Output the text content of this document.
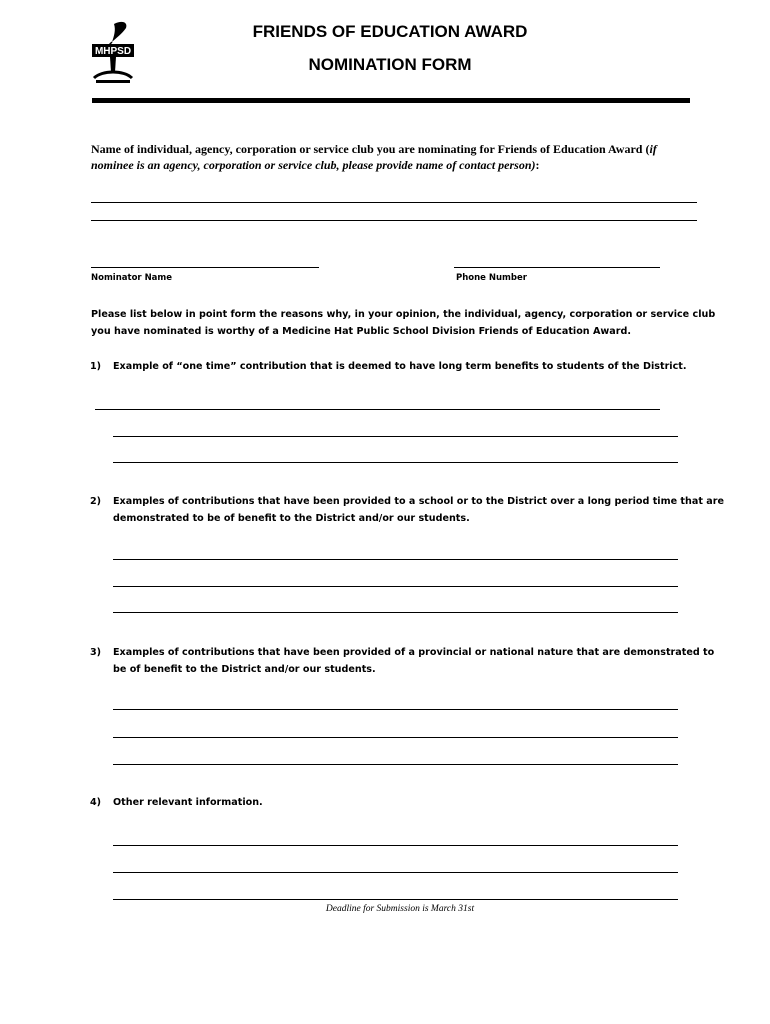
MHPSD
FRIENDS OF EDUCATION AWARD
NOMINATION FORM
Name of individual, agency, corporation or service club you are nominating for Friends of Education Award (if nominee is an agency, corporation or service club, please provide name of contact person):
Nominator Name	Phone Number
Please list below in point form the reasons why, in your opinion, the individual, agency, corporation or service club you have nominated is worthy of a Medicine Hat Public School Division Friends of Education Award.
1) Example of “one time” contribution that is deemed to have long term benefits to students of the District.
2) Examples of contributions that have been provided to a school or to the District over a long period time that are demonstrated to be of benefit to the District and/or our students.
3) Examples of contributions that have been provided of a provincial or national nature that are demonstrated to be of benefit to the District and/or our students.
4) Other relevant information.
Deadline for Submission is March 31st
